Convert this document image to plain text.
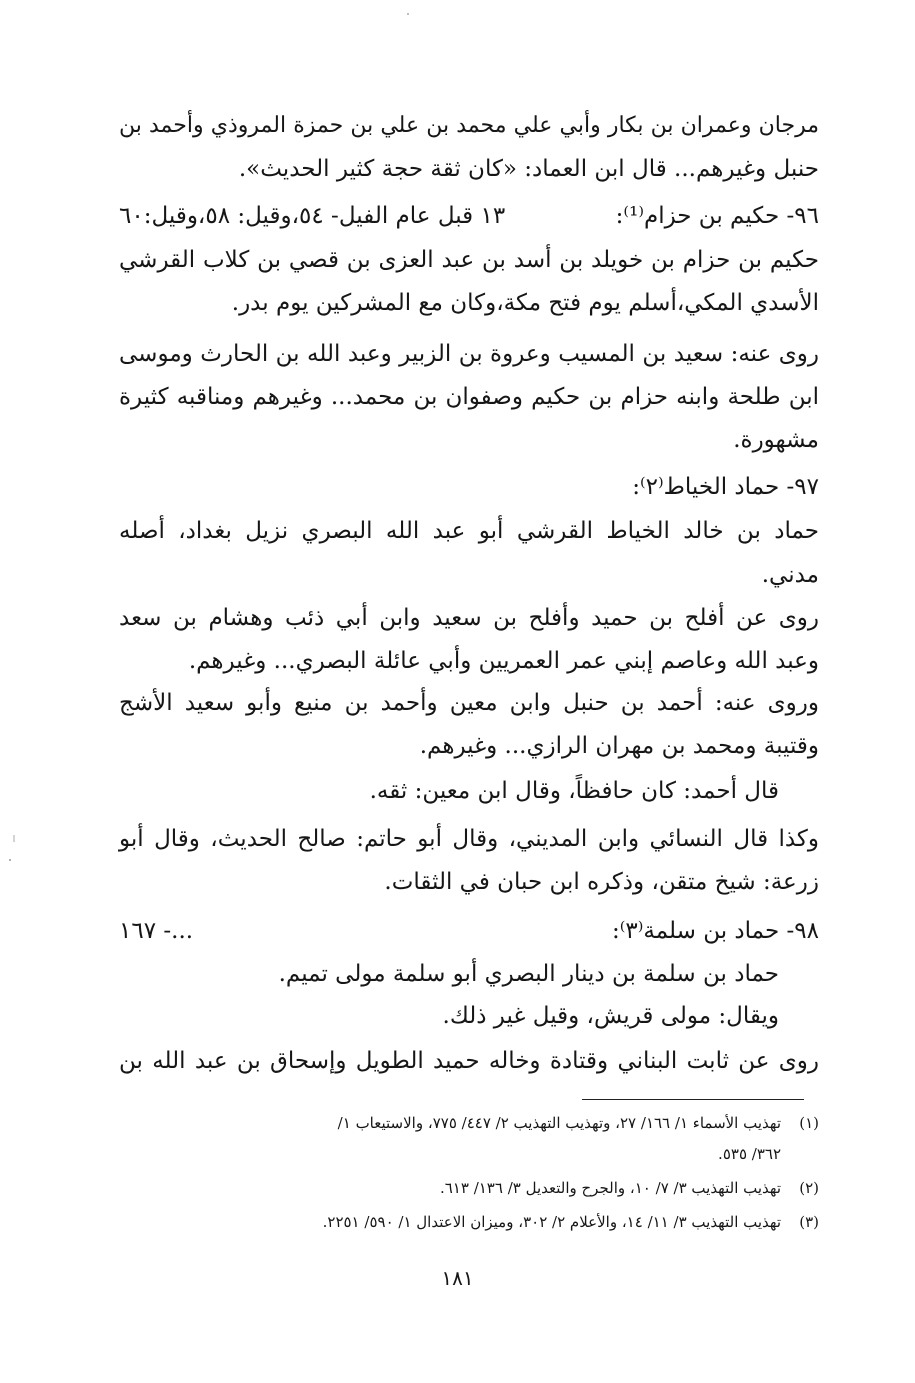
مرجان وعمران بن بكار وأبي علي محمد بن علي بن حمزة المروذي وأحمد بن
حنبل وغيرهم... قال ابن العماد: «كان ثقة حجة كثير الحديث».
٩٦- حكيم بن حزام⁽¹⁾:
١٣ قبل عام الفيل- ٥٤،وقيل: ٥٨،وقيل:٦٠
حكيم بن حزام بن خويلد بن أسد بن عبد العزى بن قصي بن كلاب القرشي
الأسدي المكي،أسلم يوم فتح مكة،وكان مع المشركين يوم بدر.
روى عنه: سعيد بن المسيب وعروة بن الزبير وعبد الله بن الحارث وموسى
ابن طلحة وابنه حزام بن حكيم وصفوان بن محمد... وغيرهم ومناقبه كثيرة
مشهورة.
٩٧- حماد الخياط⁽٢⁾:
حماد بن خالد الخياط القرشي أبو عبد الله البصري نزيل بغداد، أصله
مدني.
روى عن أفلح بن حميد وأفلح بن سعيد وابن أبي ذئب وهشام بن سعد
وعبد الله وعاصم إبني عمر العمريين وأبي عائلة البصري... وغيرهم.
وروى عنه: أحمد بن حنبل وابن معين وأحمد بن منيع وأبو سعيد الأشج
وقتيبة ومحمد بن مهران الرازي... وغيرهم.
قال أحمد: كان حافظاً، وقال ابن معين: ثقه.
وكذا قال النسائي وابن المديني، وقال أبو حاتم: صالح الحديث، وقال أبو
زرعة: شيخ متقن، وذكره ابن حبان في الثقات.
٩٨- حماد بن سلمة⁽٣⁾:
...- ١٦٧
حماد بن سلمة بن دينار البصري أبو سلمة مولى تميم.
ويقال: مولى قريش، وقيل غير ذلك.
روى عن ثابت البناني وقتادة وخاله حميد الطويل وإسحاق بن عبد الله بن
(١)تهذيب الأسماء ١/ ١٦٦/ ٢٧، وتهذيب التهذيب ٢/ ٤٤٧/ ٧٧٥، والاستيعاب ١/
٣٦٢/ ٥٣٥.
(٢)تهذيب التهذيب ٣/ ٧/ ١٠، والجرح والتعديل ٣/ ١٣٦/ ٦١٣.
(٣)تهذيب التهذيب ٣/ ١١/ ١٤، والأعلام ٢/ ٣٠٢، وميزان الاعتدال ١/ ٥٩٠/ ٢٢٥١.
١٨١
